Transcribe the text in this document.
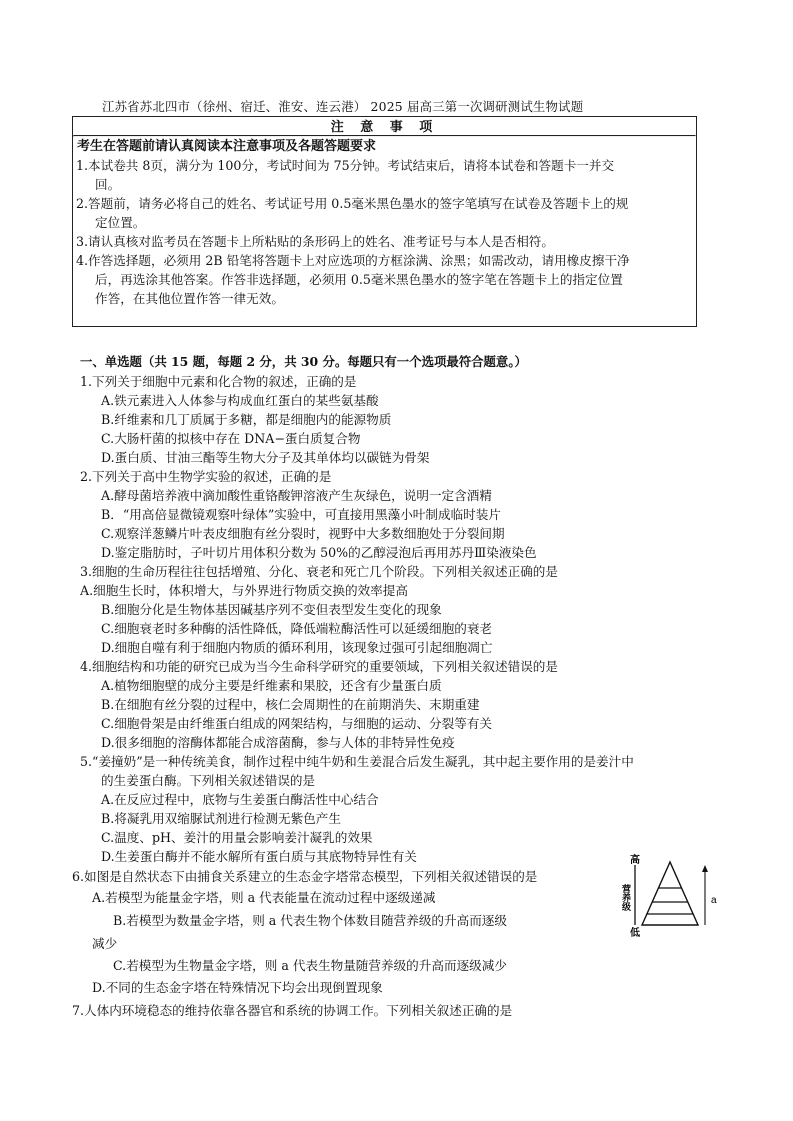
江苏省苏北四市（徐州、宿迁、淮安、连云港） 2025 届高三第一次调研测试生物试题
注 意 事 项
考生在答题前请认真阅读本注意事项及各题答题要求
1.本试卷共 8页，满分为 100分，考试时间为 75分钟。考试结束后，请将本试卷和答题卡一并交
回。
2.答题前，请务必将自己的姓名、考试证号用 0.5毫米黑色墨水的签字笔填写在试卷及答题卡上的规
定位置。
3.请认真核对监考员在答题卡上所粘贴的条形码上的姓名、准考证号与本人是否相符。
4.作答选择题，必须用 2B 铅笔将答题卡上对应选项的方框涂满、涂黑；如需改动，请用橡皮擦干净
后，再选涂其他答案。作答非选择题，必须用 0.5毫米黑色墨水的签字笔在答题卡上的指定位置
作答，在其他位置作答一律无效。
一、单选题（共 15 题，每题 2 分，共 30 分。每题只有一个选项最符合题意。）
1.下列关于细胞中元素和化合物的叙述，正确的是
A.铁元素进入人体参与构成血红蛋白的某些氨基酸
B.纤维素和几丁质属于多糖，都是细胞内的能源物质
C.大肠杆菌的拟核中存在 DNA−蛋白质复合物
D.蛋白质、甘油三酯等生物大分子及其单体均以碳链为骨架
2.下列关于高中生物学实验的叙述，正确的是
A.酵母菌培养液中滴加酸性重铬酸钾溶液产生灰绿色，说明一定含酒精
B．“用高倍显微镜观察叶绿体”实验中，可直接用黑藻小叶制成临时装片
C.观察洋葱鳞片叶表皮细胞有丝分裂时，视野中大多数细胞处于分裂间期
D.鉴定脂肪时，子叶切片用体积分数为 50%的乙醇浸泡后再用苏丹Ⅲ染液染色
3.细胞的生命历程往往包括增殖、分化、衰老和死亡几个阶段。下列相关叙述正确的是
A.细胞生长时，体积增大，与外界进行物质交换的效率提高
B.细胞分化是生物体基因碱基序列不变但表型发生变化的现象
C.细胞衰老时多种酶的活性降低，降低端粒酶活性可以延缓细胞的衰老
D.细胞自噬有利于细胞内物质的循环利用，该现象过强可引起细胞凋亡
4.细胞结构和功能的研究已成为当今生命科学研究的重要领域，下列相关叙述错误的是
A.植物细胞壁的成分主要是纤维素和果胶，还含有少量蛋白质
B.在细胞有丝分裂的过程中，核仁会周期性的在前期消失、末期重建
C.细胞骨架是由纤维蛋白组成的网架结构，与细胞的运动、分裂等有关
D.很多细胞的溶酶体都能合成溶菌酶，参与人体的非特异性免疫
5.“姜撞奶”是一种传统美食，制作过程中纯牛奶和生姜混合后发生凝乳，其中起主要作用的是姜汁中
的生姜蛋白酶。下列相关叙述错误的是
A.在反应过程中，底物与生姜蛋白酶活性中心结合
B.将凝乳用双缩脲试剂进行检测无紫色产生
C.温度、pH、姜汁的用量会影响姜汁凝乳的效果
D.生姜蛋白酶并不能水解所有蛋白质与其底物特异性有关
6.如图是自然状态下由捕食关系建立的生态金字塔常态模型，下列相关叙述错误的是
A.若模型为能量金字塔，则 a 代表能量在流动过程中逐级递减
B.若模型为数量金字塔，则 a 代表生物个体数目随营养级的升高而逐级
减少
C.若模型为生物量金字塔，则 a 代表生物量随营养级的升高而逐级减少
D.不同的生态金字塔在特殊情况下均会出现倒置现象
7.人体内环境稳态的维持依靠各器官和系统的协调工作。下列相关叙述正确的是
高
营养级
低
a
